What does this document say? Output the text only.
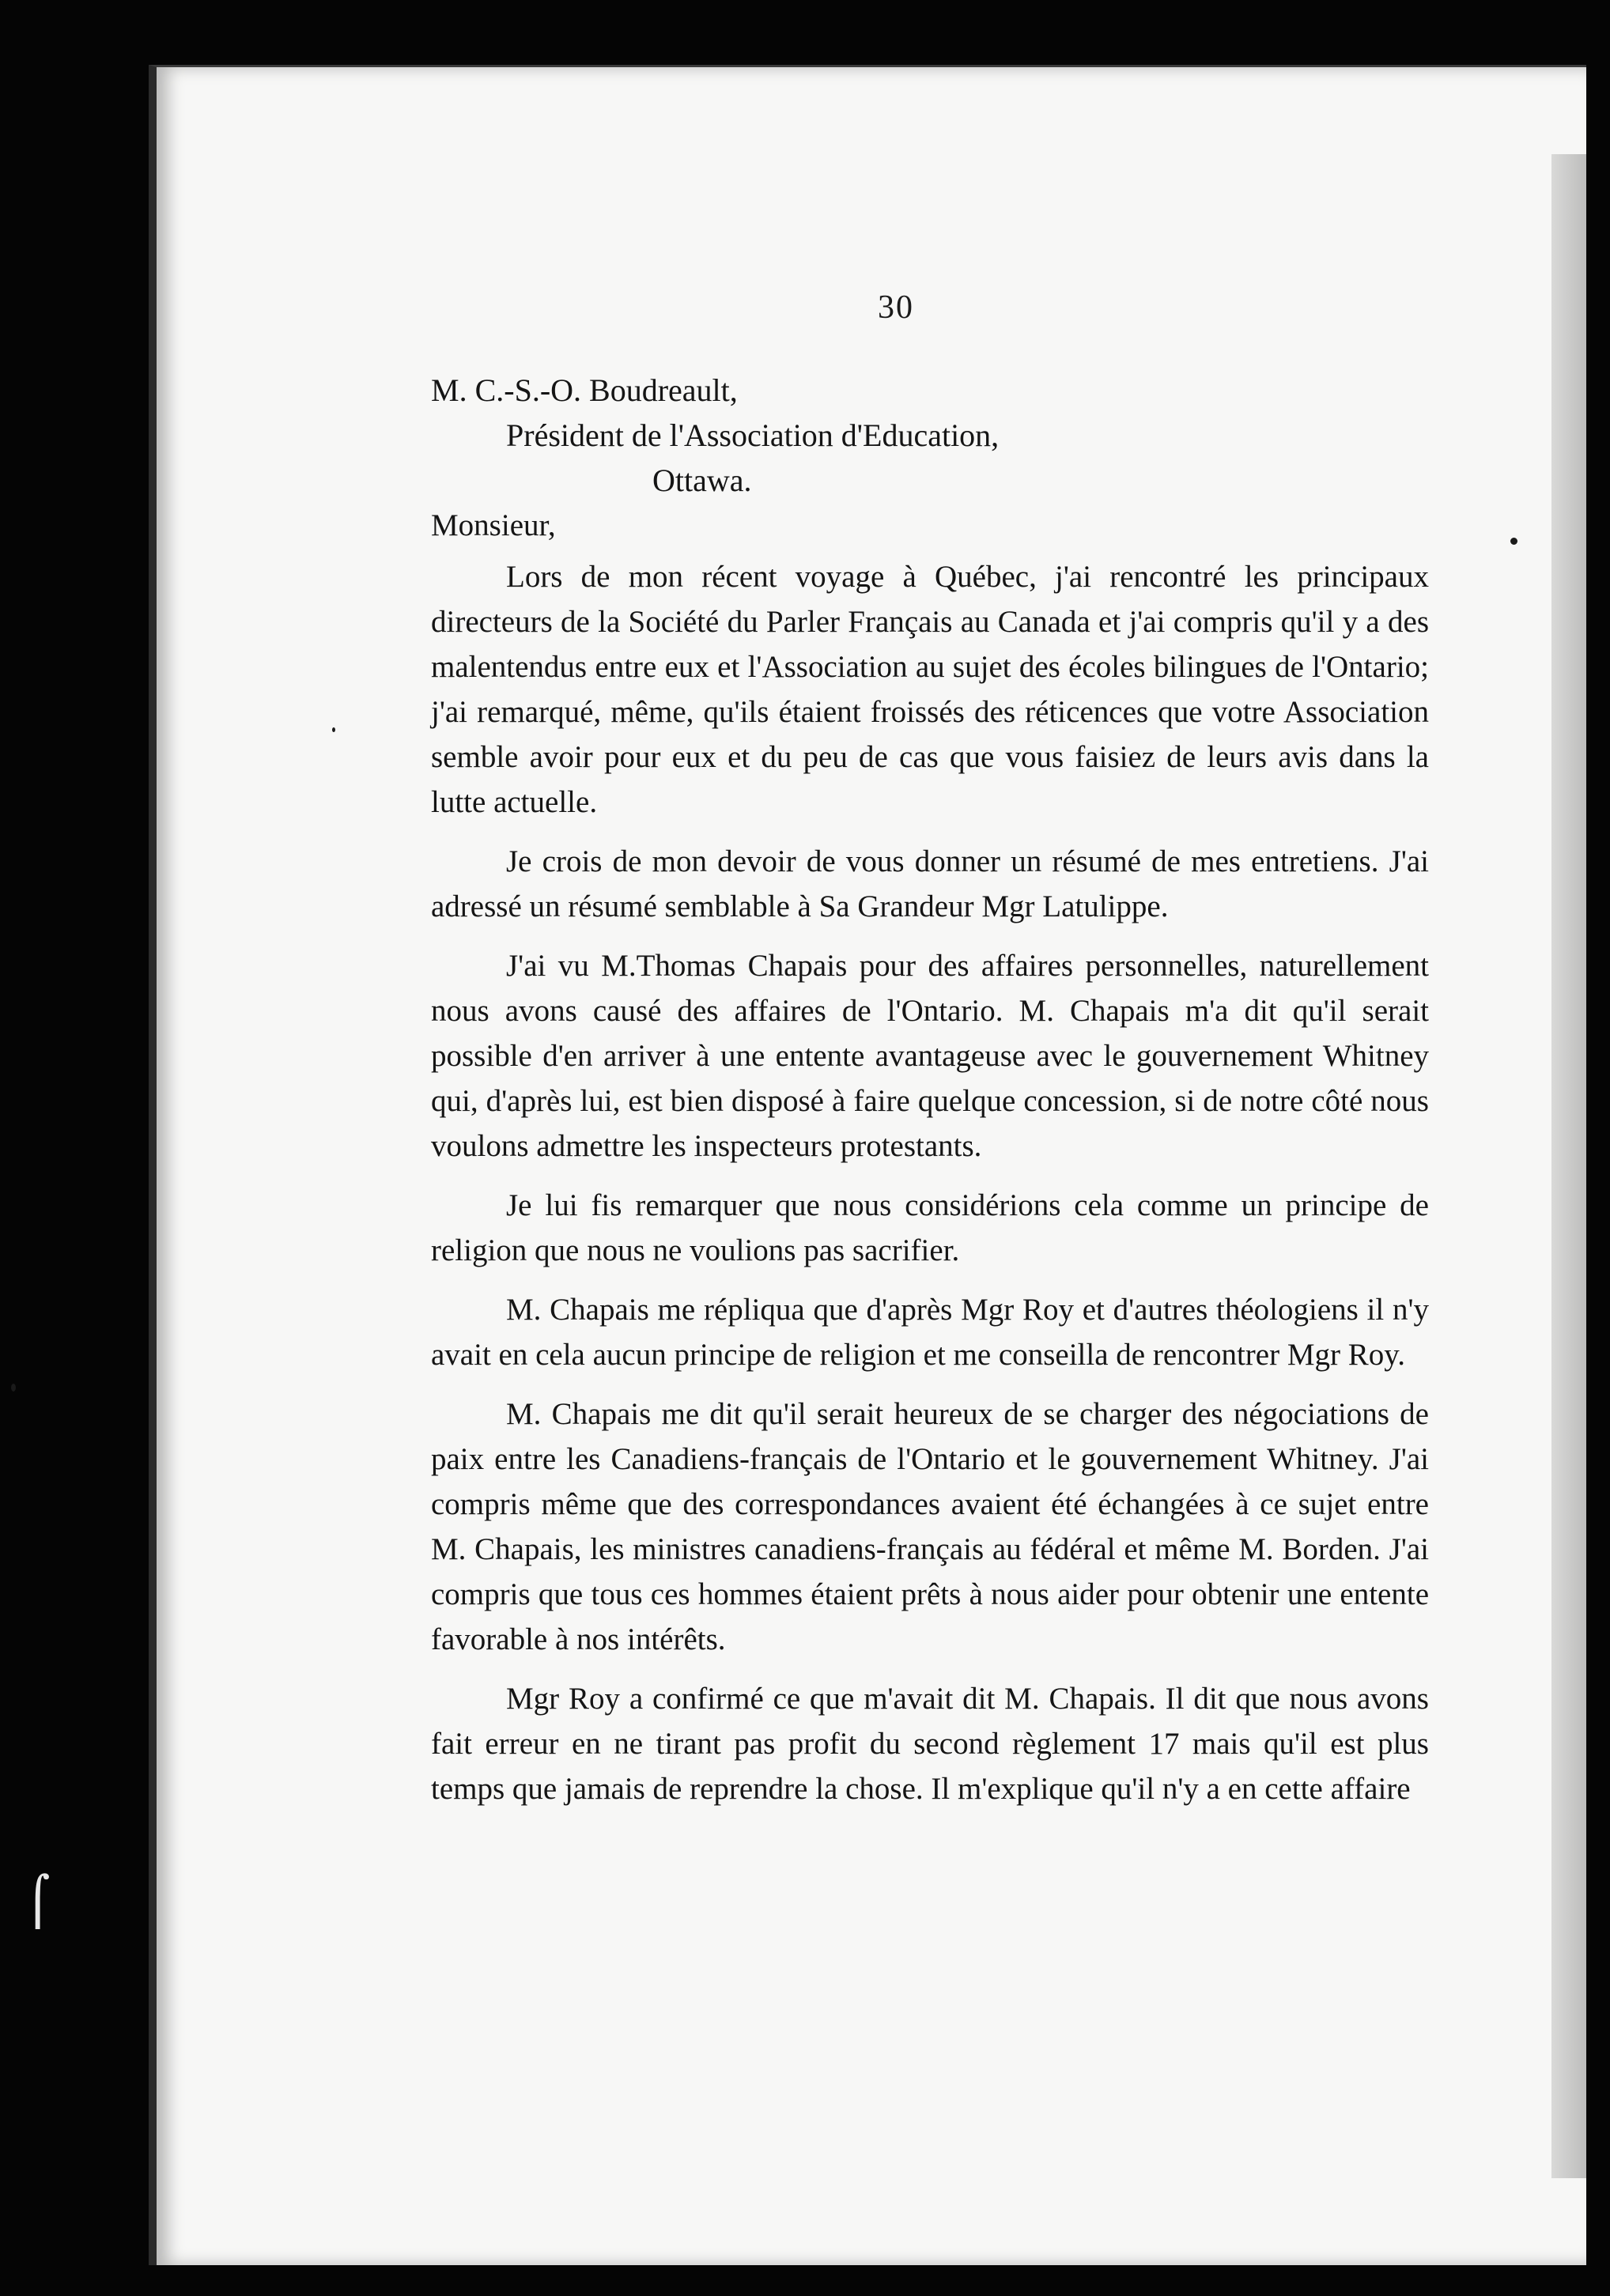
⌠
30
M. C.-S.-O. Boudreault,
Président de l'Association d'Education,
Ottawa.

Monsieur,

Lors de mon récent voyage à Québec, j'ai rencontré les principaux directeurs de la Société du Parler Français au Canada et j'ai compris qu'il y a des malentendus entre eux et l'Association au sujet des écoles bilingues de l'Ontario; j'ai remarqué, même, qu'ils étaient froissés des réticences que votre Association semble avoir pour eux et du peu de cas que vous faisiez de leurs avis dans la lutte actuelle.

Je crois de mon devoir de vous donner un résumé de mes entretiens. J'ai adressé un résumé semblable à Sa Grandeur Mgr Latulippe.

J'ai vu M.Thomas Chapais pour des affaires personnelles, naturellement nous avons causé des affaires de l'Ontario. M. Chapais m'a dit qu'il serait possible d'en arriver à une entente avantageuse avec le gouvernement Whitney qui, d'après lui, est bien disposé à faire quelque concession, si de notre côté nous voulons admettre les inspecteurs protestants.

Je lui fis remarquer que nous considérions cela comme un principe de religion que nous ne voulions pas sacrifier.

M. Chapais me répliqua que d'après Mgr Roy et d'autres théologiens il n'y avait en cela aucun principe de religion et me conseilla de rencontrer Mgr Roy.

M. Chapais me dit qu'il serait heureux de se charger des négociations de paix entre les Canadiens-français de l'Ontario et le gouvernement Whitney. J'ai compris même que des correspondances avaient été échangées à ce sujet entre M. Chapais, les ministres canadiens-français au fédéral et même M. Borden. J'ai compris que tous ces hommes étaient prêts à nous aider pour obtenir une entente favorable à nos intérêts.

Mgr Roy a confirmé ce que m'avait dit M. Chapais. Il dit que nous avons fait erreur en ne tirant pas profit du second règlement 17 mais qu'il est plus temps que jamais de reprendre la chose. Il m'explique qu'il n'y a en cette affaire
